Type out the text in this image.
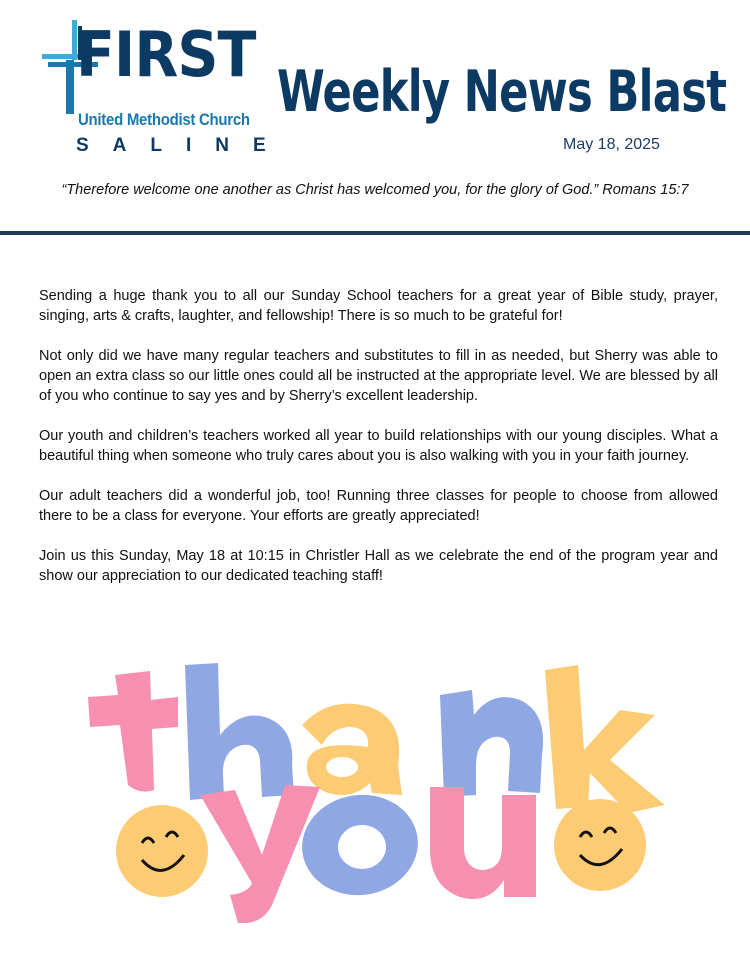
FIRST
United Methodist Church
SALINE
Weekly News Blast
May 18, 2025
“Therefore welcome one another as Christ has welcomed you, for the glory of God.” Romans 15:7

Sending a huge thank you to all our Sunday School teachers for a great year of Bible study, prayer, singing, arts & crafts, laughter, and fellowship! There is so much to be grateful for!

Not only did we have many regular teachers and substitutes to fill in as needed, but Sherry was able to open an extra class so our little ones could all be instructed at the appropriate level. We are blessed by all of you who continue to say yes and by Sherry’s excellent leadership.

Our youth and children’s teachers worked all year to build relationships with our young disciples. What a beautiful thing when someone who truly cares about you is also walking with you in your faith journey.

Our adult teachers did a wonderful job, too! Running three classes for people to choose from allowed there to be a class for everyone. Your efforts are greatly appreciated!

Join us this Sunday, May 18 at 10:15 in Christler Hall as we celebrate the end of the program year and show our appreciation to our dedicated teaching staff!
